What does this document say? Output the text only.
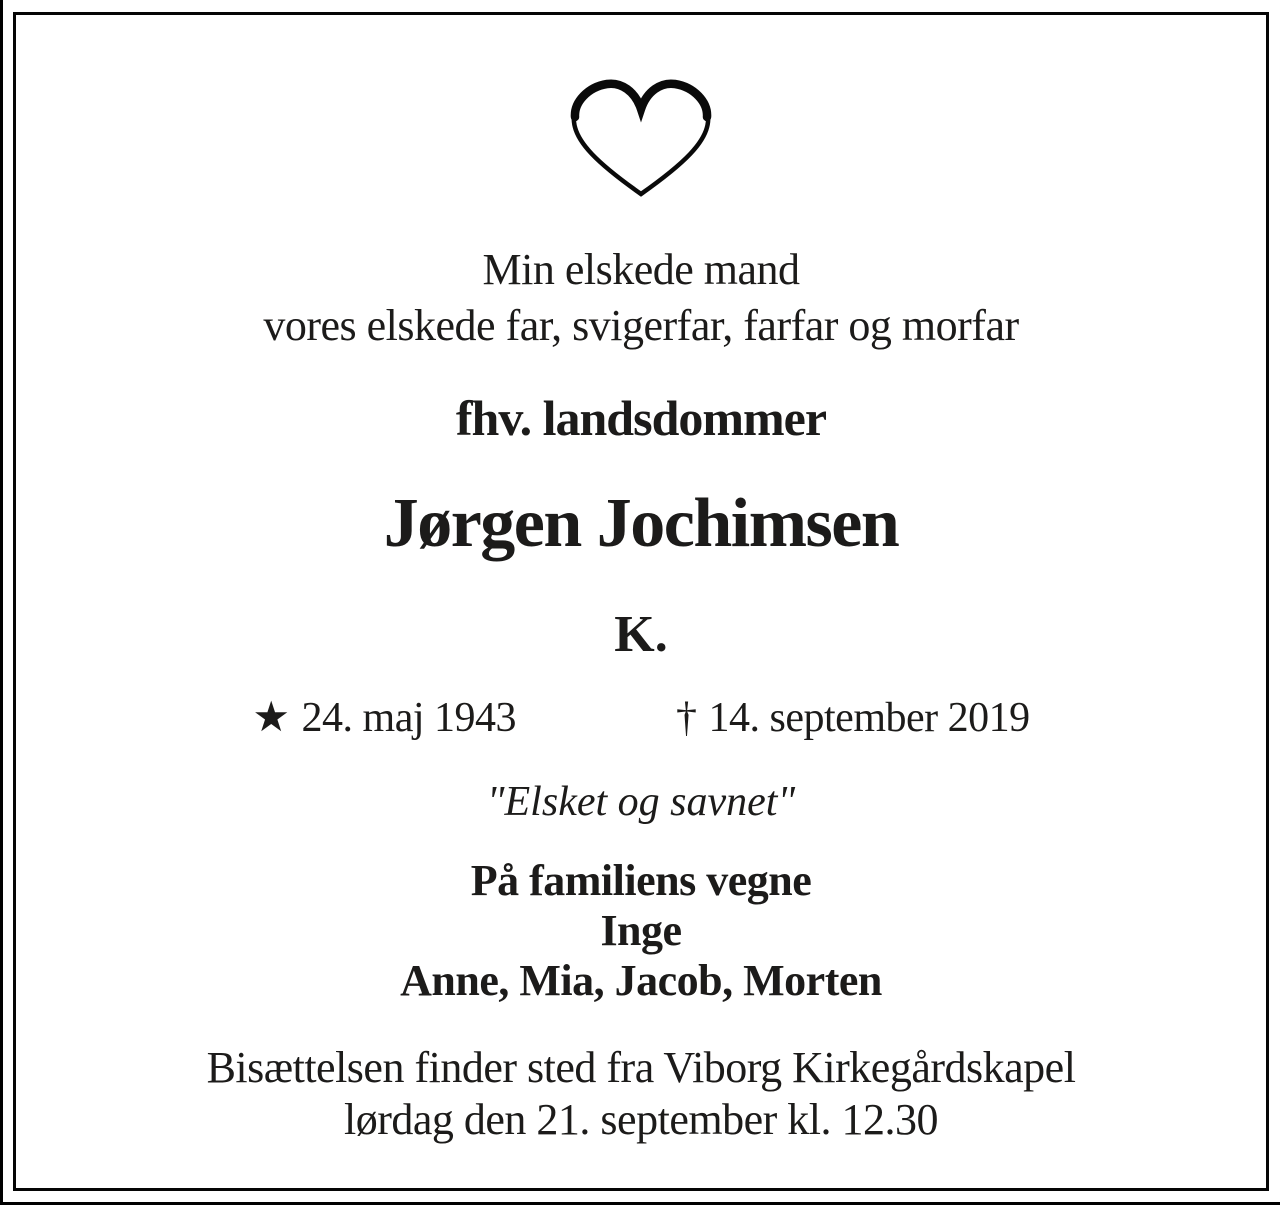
Min elskede mand
vores elskede far, svigerfar, farfar og morfar
fhv. landsdommer
Jørgen Jochimsen
K.
★ 24. maj 1943	† 14. september 2019
"Elsket og savnet"
På familiens vegne
Inge
Anne, Mia, Jacob, Morten
Bisættelsen finder sted fra Viborg Kirkegårdskapel
lørdag den 21. september kl. 12.30
